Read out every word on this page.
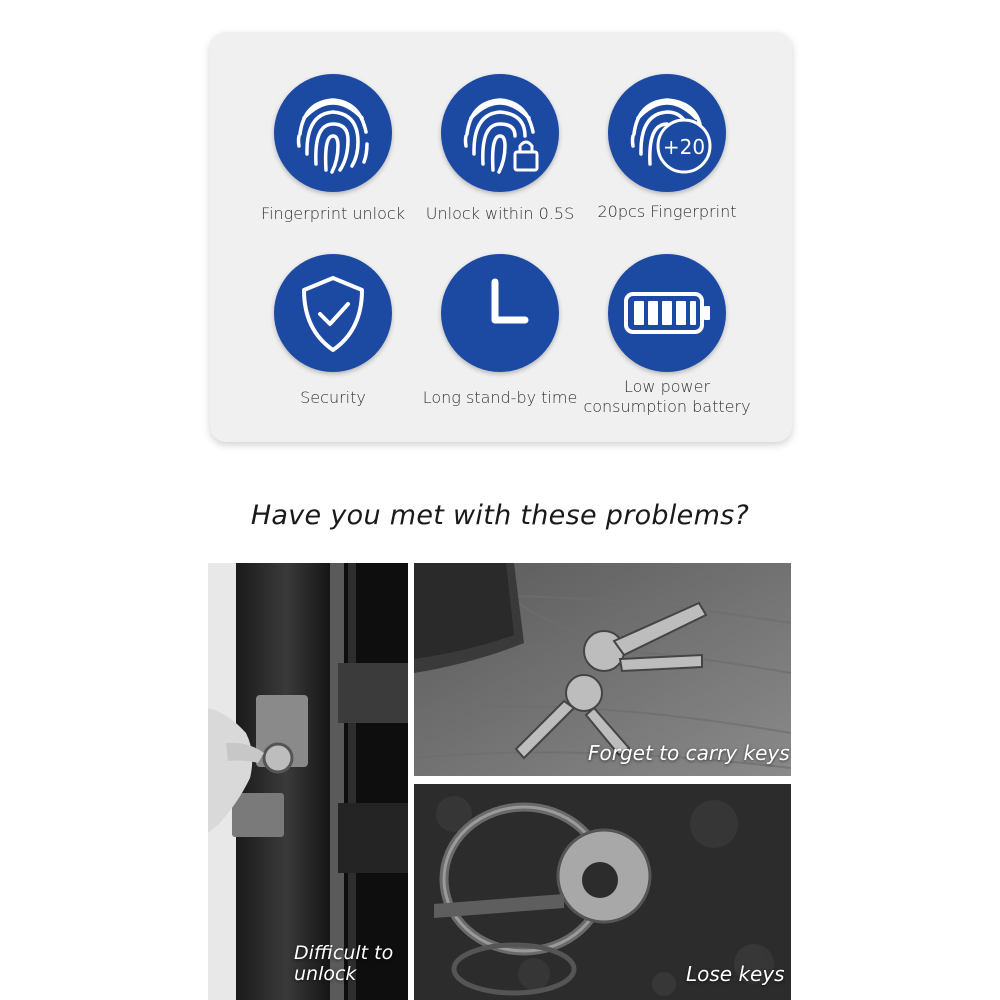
Fingerprint unlock	Unlock within 0.5S
+20
20pcs Fingerprint
Security	Long stand-by time
Low power
consumption battery
Have you met with these problems?
Difficult to
unlock
Forget to carry keys
Lose keys
